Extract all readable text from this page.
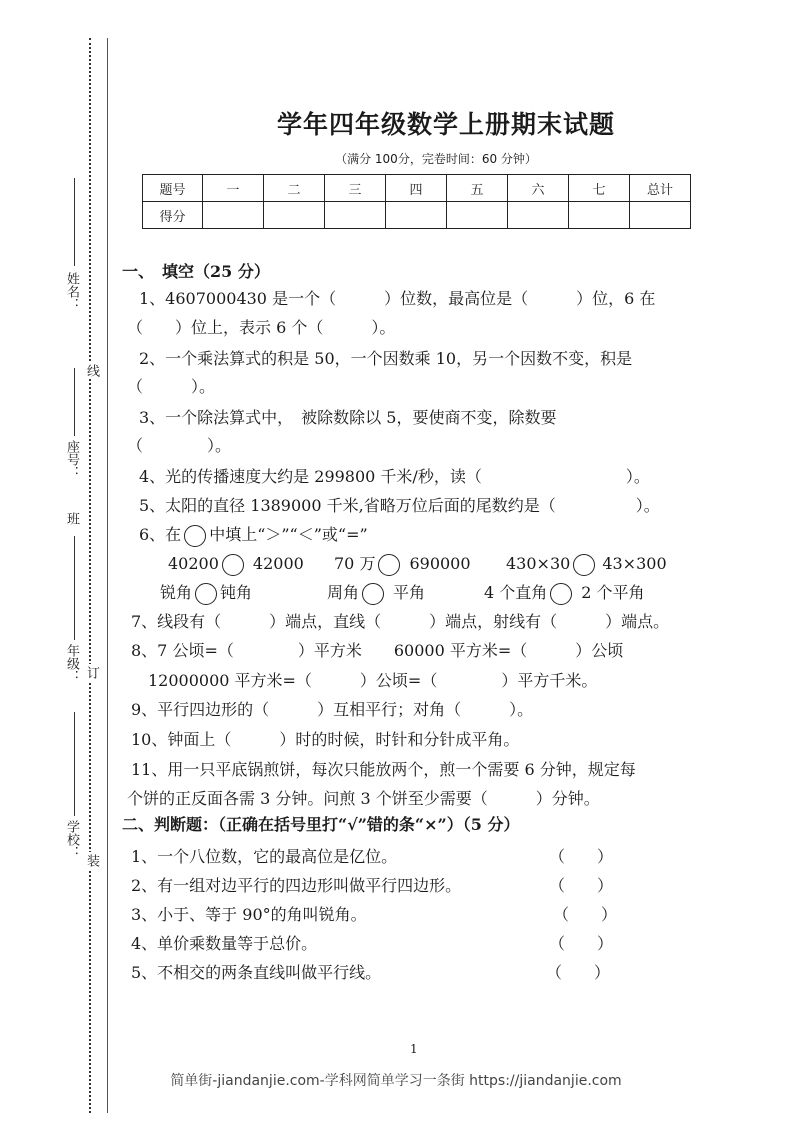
姓名：
线
座号：
班
年级： 订
学校：
装
学年四年级数学上册期末试题
（满分 100分，完卷时间：60 分钟）
题号	一	二	三	四	五	六	七	总计
得分								
一、　填空（25 分）
1、4607000430 是一个（　　　）位数，最高位是（　　　）位，6 在
（　　）位上，表示 6 个（　　　）。
2、一个乘法算式的积是 50，一个因数乘 10，另一个因数不变，积是
（　　　）。
3、一个除法算式中，　被除数除以 5，要使商不变，除数要
（　　　　）。
4、光的传播速度大约是 299800 千米/秒，读（　　　　　　　　　）。
5、太阳的直径 1389000 千米,省略万位后面的尾数约是（　　　　　）。
6、在 中填上“＞”“＜”或“=”
40200 42000 70 万 690000 430×30 43×300
锐角 钝角	周角 平角	4 个直角 2 个平角
7、线段有（　　　）端点，直线（　　　）端点，射线有（　　　）端点。
8、7 公顷=（　　　　）平方米　　60000 平方米=（　　　）公顷
12000000 平方米=（　　　）公顷=（　　　　）平方千米。
9、平行四边形的（　　　）互相平行；对角（　　　）。
10、钟面上（　　　）时的时候，时针和分针成平角。
11、用一只平底锅煎饼，每次只能放两个，煎一个需要 6 分钟，规定每
个饼的正反面各需 3 分钟。问煎 3 个饼至少需要（　　　）分钟。
二、判断题：（正确在括号里打“√”错的条“×”）（5 分）
1、一个八位数，它的最高位是亿位。	（　　）
2、有一组对边平行的四边形叫做平行四边形。	（　　）
3、小于、等于 90°的角叫锐角。	（　　）
4、单价乘数量等于总价。	（　　）
5、不相交的两条直线叫做平行线。	（　　）
1
简单街-jiandanjie.com-学科网简单学习一条街 https://jiandanjie.com
